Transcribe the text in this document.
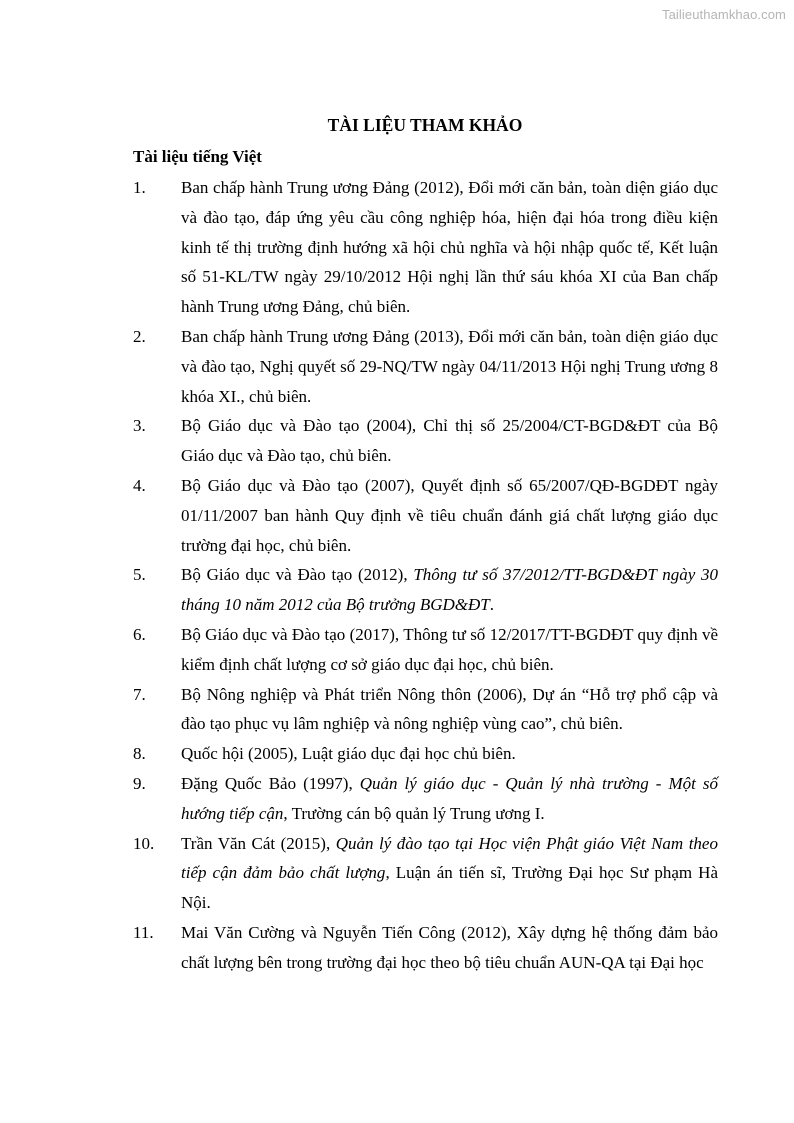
Tailieuthamkhao.com
TÀI LIỆU THAM KHẢO
Tài liệu tiếng Việt
1.	Ban chấp hành Trung ương Đảng (2012), Đổi mới căn bản, toàn diện giáo dục và đào tạo, đáp ứng yêu cầu công nghiệp hóa, hiện đại hóa trong điều kiện kinh tế thị trường định hướng xã hội chủ nghĩa và hội nhập quốc tế, Kết luận số 51-KL/TW ngày 29/10/2012 Hội nghị lần thứ sáu khóa XI của Ban chấp hành Trung ương Đảng, chủ biên.
2.	Ban chấp hành Trung ương Đảng (2013), Đổi mới căn bản, toàn diện giáo dục và đào tạo, Nghị quyết số 29-NQ/TW ngày 04/11/2013 Hội nghị Trung ương 8 khóa XI., chủ biên.
3.	Bộ Giáo dục và Đào tạo (2004), Chỉ thị số 25/2004/CT-BGD&ĐT của Bộ Giáo dục và Đào tạo, chủ biên.
4.	Bộ Giáo dục và Đào tạo (2007), Quyết định số 65/2007/QĐ-BGDĐT ngày 01/11/2007 ban hành Quy định về tiêu chuẩn đánh giá chất lượng giáo dục trường đại học, chủ biên.
5.	Bộ Giáo dục và Đào tạo (2012), Thông tư số 37/2012/TT-BGD&ĐT ngày 30 tháng 10 năm 2012 của Bộ trưởng BGD&ĐT.
6.	Bộ Giáo dục và Đào tạo (2017), Thông tư số 12/2017/TT-BGDĐT quy định về kiểm định chất lượng cơ sở giáo dục đại học, chủ biên.
7.	Bộ Nông nghiệp và Phát triển Nông thôn (2006), Dự án “Hỗ trợ phổ cập và đào tạo phục vụ lâm nghiệp và nông nghiệp vùng cao”, chủ biên.
8.	Quốc hội (2005), Luật giáo dục đại học chủ biên.
9.	Đặng Quốc Bảo (1997), Quản lý giáo dục - Quản lý nhà trường - Một số hướng tiếp cận, Trường cán bộ quản lý Trung ương I.
10.	Trần Văn Cát (2015), Quản lý đào tạo tại Học viện Phật giáo Việt Nam theo tiếp cận đảm bảo chất lượng, Luận án tiến sĩ, Trường Đại học Sư phạm Hà Nội.
11.	Mai Văn Cường và Nguyễn Tiến Công (2012), Xây dựng hệ thống đảm bảo chất lượng bên trong trường đại học theo bộ tiêu chuẩn AUN-QA tại Đại học
